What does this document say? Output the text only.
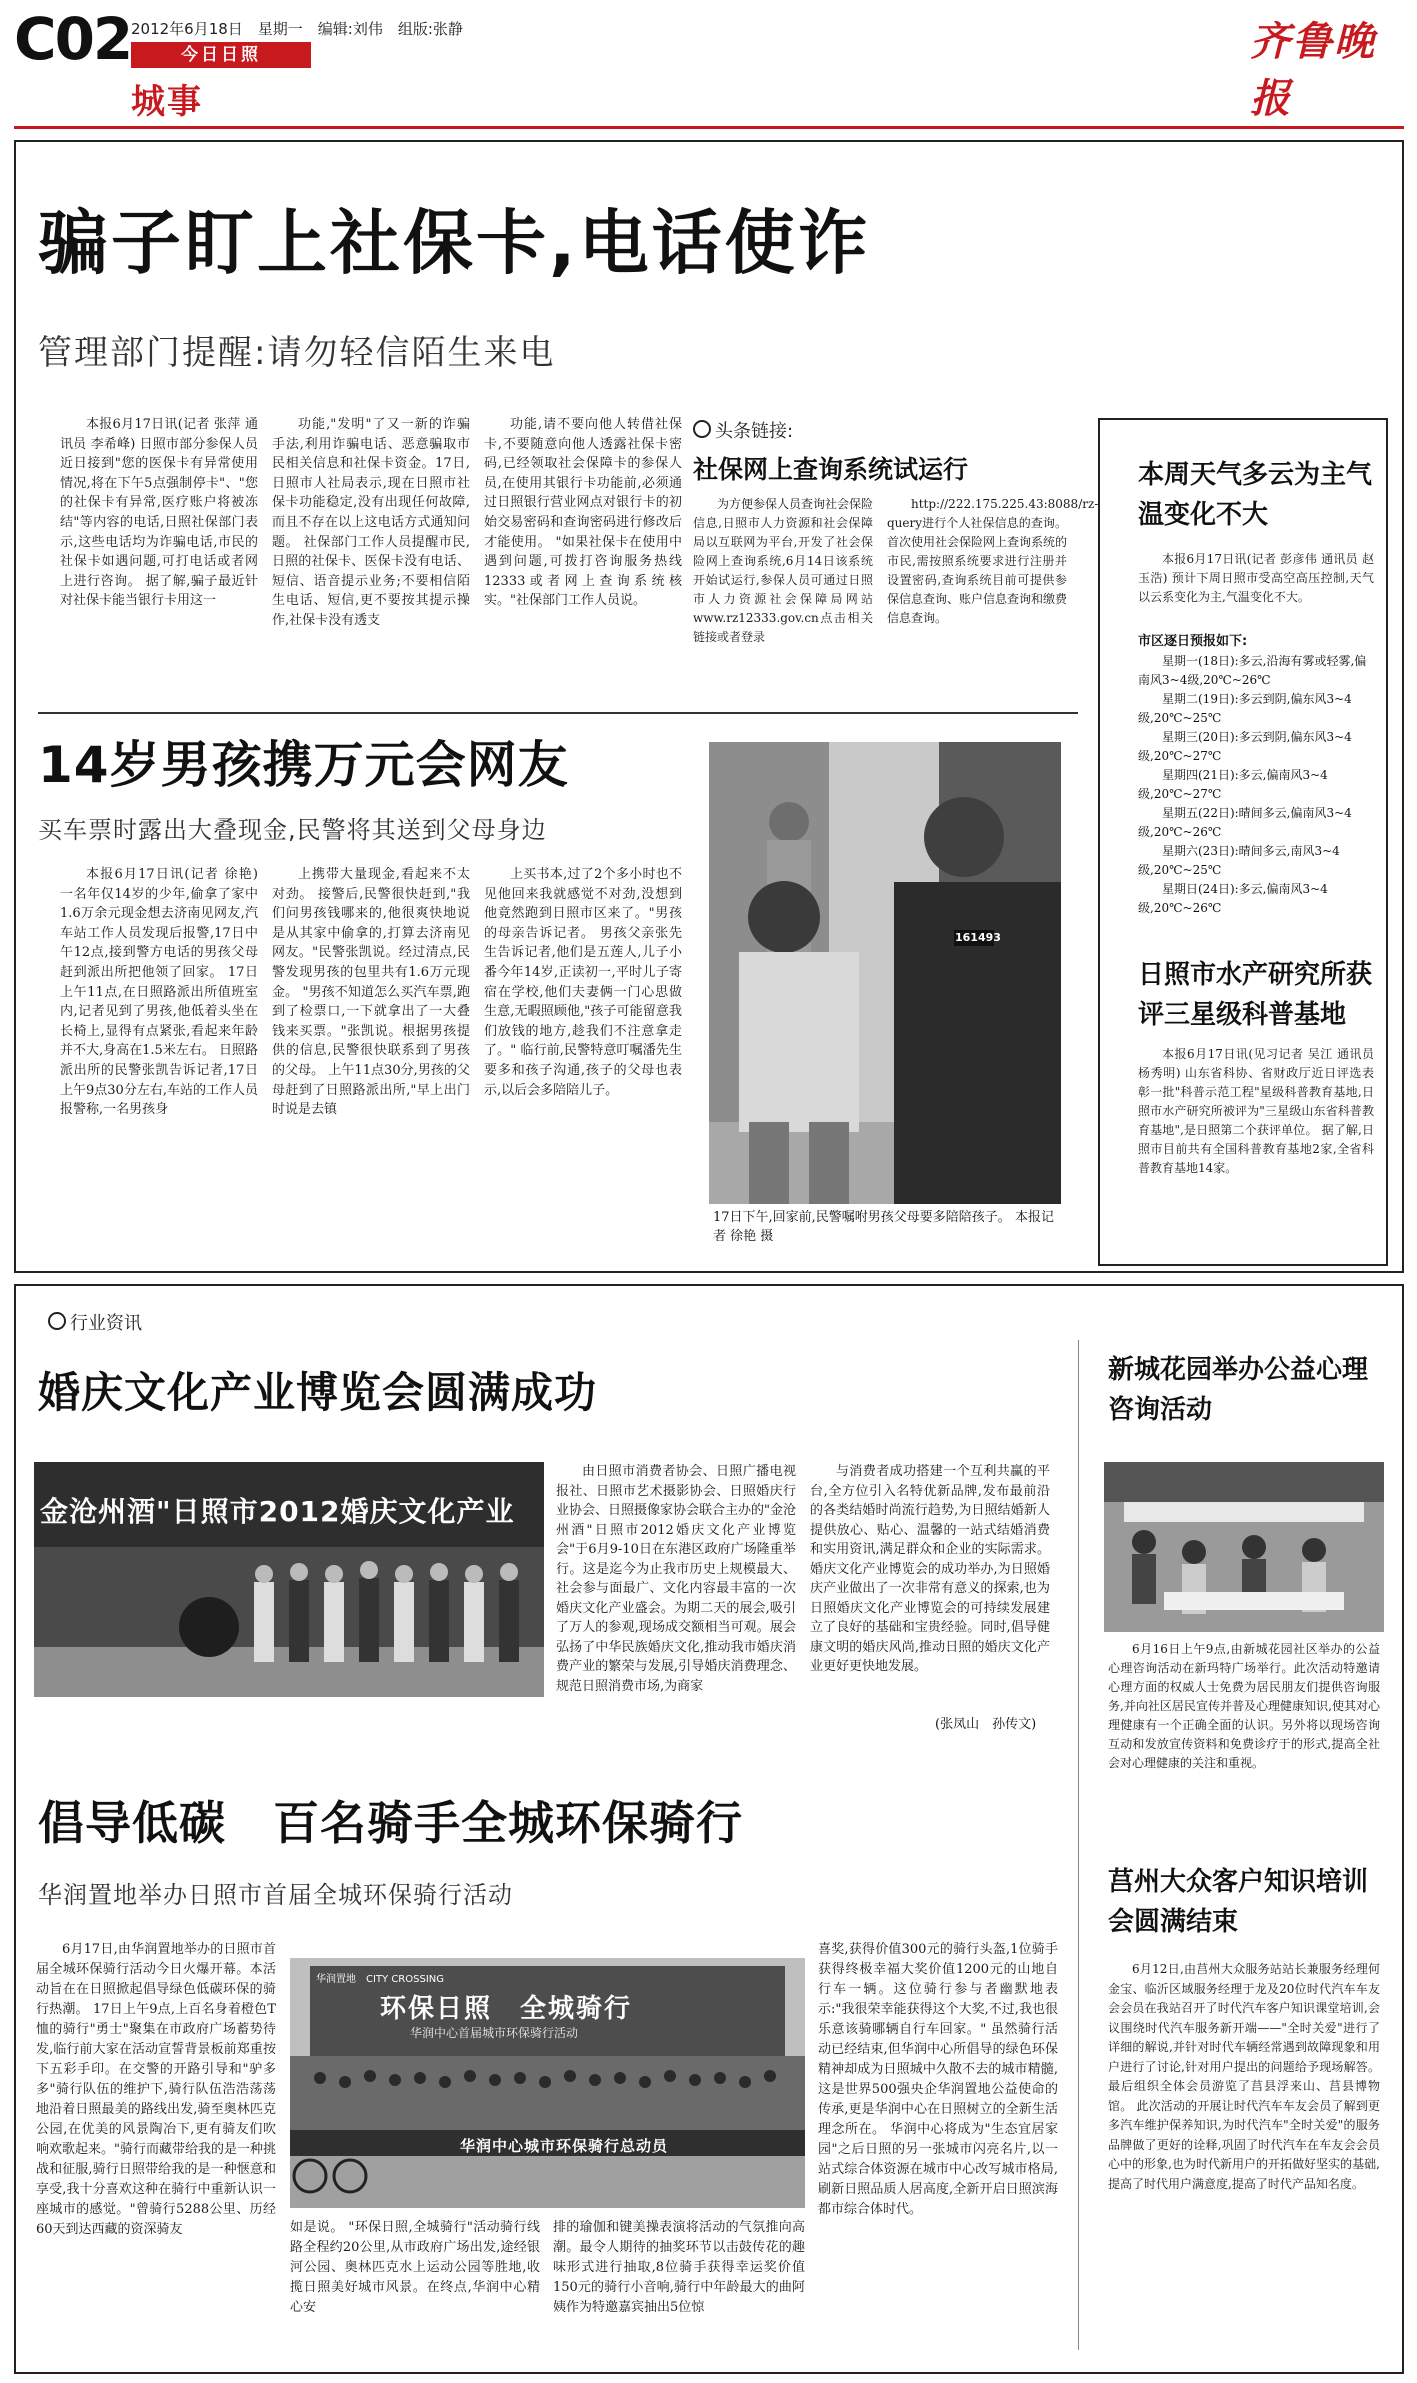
C02 2012年6月18日　星期一　编辑:刘伟　组版:张静
今日日照
城事
齐鲁晚报
骗子盯上社保卡,电话使诈
管理部门提醒:请勿轻信陌生来电

本报6月17日讯(记者 张萍 通讯员 李希峰) 日照市部分参保人员近日接到"您的医保卡有异常使用情况,将在下午5点强制停卡"、"您的社保卡有异常,医疗账户将被冻结"等内容的电话,日照社保部门表示,这些电话均为诈骗电话,市民的社保卡如遇问题,可打电话或者网上进行咨询。 据了解,骗子最近针对社保卡能当银行卡用这一

功能,"发明"了又一新的诈骗手法,利用诈骗电话、恶意骗取市民相关信息和社保卡资金。17日,日照市人社局表示,现在日照市社保卡功能稳定,没有出现任何故障,而且不存在以上这电话方式通知问题。 社保部门工作人员提醒市民,日照的社保卡、医保卡没有电话、短信、语音提示业务;不要相信陌生电话、短信,更不要按其提示操作,社保卡没有透支

功能,请不要向他人转借社保卡,不要随意向他人透露社保卡密码,已经领取社会保障卡的参保人员,在使用其银行卡功能前,必须通过日照银行营业网点对银行卡的初始交易密码和查询密码进行修改后才能使用。 "如果社保卡在使用中遇到问题,可拨打咨询服务热线12333或者网上查询系统核实。"社保部门工作人员说。

头条链接:
社保网上查询系统试运行

为方便参保人员查询社会保险信息,日照市人力资源和社会保障局以互联网为平台,开发了社会保险网上查询系统,6月14日该系统开始试运行,参保人员可通过日照市人力资源社会保障局网站www.rz12333.gov.cn点击相关链接或者登录

http://222.175.225.43:8088/rz-query进行个人社保信息的查询。 首次使用社会保险网上查询系统的市民,需按照系统要求进行注册并设置密码,查询系统目前可提供参保信息查询、账户信息查询和缴费信息查询。

14岁男孩携万元会网友
买车票时露出大叠现金,民警将其送到父母身边

本报6月17日讯(记者 徐艳) 一名年仅14岁的少年,偷拿了家中1.6万余元现金想去济南见网友,汽车站工作人员发现后报警,17日中午12点,接到警方电话的男孩父母赶到派出所把他领了回家。 17日上午11点,在日照路派出所值班室内,记者见到了男孩,他低着头坐在长椅上,显得有点紧张,看起来年龄并不大,身高在1.5米左右。 日照路派出所的民警张凯告诉记者,17日上午9点30分左右,车站的工作人员报警称,一名男孩身

上携带大量现金,看起来不太对劲。 接警后,民警很快赶到,"我们问男孩钱哪来的,他很爽快地说是从其家中偷拿的,打算去济南见网友。"民警张凯说。经过清点,民警发现男孩的包里共有1.6万元现金。 "男孩不知道怎么买汽车票,跑到了检票口,一下就拿出了一大叠钱来买票。"张凯说。根据男孩提供的信息,民警很快联系到了男孩的父母。 上午11点30分,男孩的父母赶到了日照路派出所,"早上出门时说是去镇

上买书本,过了2个多小时也不见他回来我就感觉不对劲,没想到他竟然跑到日照市区来了。"男孩的母亲告诉记者。 男孩父亲张先生告诉记者,他们是五莲人,儿子小番今年14岁,正读初一,平时儿子寄宿在学校,他们夫妻俩一门心思做生意,无暇照顾他,"孩子可能留意我们放钱的地方,趁我们不注意拿走了。" 临行前,民警特意叮嘱潘先生要多和孩子沟通,孩子的父母也表示,以后会多陪陪儿子。

161493
17日下午,回家前,民警嘱咐男孩父母要多陪陪孩子。 本报记者 徐艳 摄
本周天气多云为主气温变化不大

本报6月17日讯(记者 彭彦伟 通讯员 赵玉浩) 预计下周日照市受高空高压控制,天气以云系变化为主,气温变化不大。

市区逐日预报如下:
星期一(18日):多云,沿海有雾或轻雾,偏南风3~4级,20℃~26℃
星期二(19日):多云到阴,偏东风3~4级,20℃~25℃
星期三(20日):多云到阴,偏东风3~4级,20℃~27℃
星期四(21日):多云,偏南风3~4级,20℃~27℃
星期五(22日):晴间多云,偏南风3~4级,20℃~26℃
星期六(23日):晴间多云,南风3~4级,20℃~25℃
星期日(24日):多云,偏南风3~4级,20℃~26℃
日照市水产研究所获评三星级科普基地

本报6月17日讯(见习记者 吴江 通讯员 杨秀明) 山东省科协、省财政厅近日评选表彰一批"科普示范工程"星级科普教育基地,日照市水产研究所被评为"三星级山东省科普教育基地",是日照第二个获评单位。 据了解,日照市目前共有全国科普教育基地2家,全省科普教育基地14家。

行业资讯
婚庆文化产业博览会圆满成功
金沧州酒"日照市2012婚庆文化产业

由日照市消费者协会、日照广播电视报社、日照市艺术摄影协会、日照婚庆行业协会、日照摄像家协会联合主办的"金沧州酒"日照市2012婚庆文化产业博览会"于6月9-10日在东港区政府广场隆重举行。这是迄今为止我市历史上规模最大、社会参与面最广、文化内容最丰富的一次婚庆文化产业盛会。为期二天的展会,吸引了万人的参观,现场成交额相当可观。展会弘扬了中华民族婚庆文化,推动我市婚庆消费产业的繁荣与发展,引导婚庆消费理念、规范日照消费市场,为商家

与消费者成功搭建一个互利共赢的平台,全方位引入名特优新品牌,发布最前沿的各类结婚时尚流行趋势,为日照结婚新人提供放心、贴心、温馨的一站式结婚消费和实用资讯,满足群众和企业的实际需求。婚庆文化产业博览会的成功举办,为日照婚庆产业做出了一次非常有意义的探索,也为日照婚庆文化产业博览会的可持续发展建立了良好的基础和宝贵经验。同时,倡导健康文明的婚庆风尚,推动日照的婚庆文化产业更好更快地发展。

(张凤山　孙传文)
新城花园举办公益心理咨询活动

6月16日上午9点,由新城花园社区举办的公益心理咨询活动在新玛特广场举行。此次活动特邀请心理方面的权威人士免费为居民朋友们提供咨询服务,并向社区居民宣传并普及心理健康知识,使其对心理健康有一个正确全面的认识。另外将以现场咨询互动和发放宣传资料和免费诊疗于的形式,提高全社会对心理健康的关注和重视。

莒州大众客户知识培训会圆满结束

6月12日,由莒州大众服务站站长兼服务经理何金宝、临沂区域服务经理于龙及20位时代汽车车友会会员在我站召开了时代汽车客户知识课堂培训,会议围绕时代汽车服务新开端——"全时关爱"进行了详细的解说,并针对时代车辆经常遇到故障现象和用户进行了讨论,针对用户提出的问题给予现场解答。最后组织全体会员游览了莒县浮来山、莒县博物馆。 此次活动的开展让时代汽车车友会员了解到更多汽车维护保养知识,为时代汽车"全时关爱"的服务品牌做了更好的诠释,巩固了时代汽车在车友会会员心中的形象,也为时代新用户的开拓做好坚实的基础,提高了时代用户满意度,提高了时代产品知名度。

倡导低碳　百名骑手全城环保骑行
华润置地举办日照市首届全城环保骑行活动

6月17日,由华润置地举办的日照市首届全城环保骑行活动今日火爆开幕。本活动旨在在日照掀起倡导绿色低碳环保的骑行热潮。 17日上午9点,上百名身着橙色T恤的骑行"勇士"聚集在市政府广场蓄势待发,临行前大家在活动宣誓背景板前郑重按下五彩手印。在交警的开路引导和"驴多多"骑行队伍的维护下,骑行队伍浩浩荡荡地沿着日照最美的路线出发,骑至奥林匹克公园,在优美的风景陶冶下,更有骑友们吹响欢歌起来。"骑行而藏带给我的是一种挑战和征服,骑行日照带给我的是一种惬意和享受,我十分喜欢这种在骑行中重新认识一座城市的感觉。"曾骑行5288公里、历经60天到达西藏的资深骑友

华润置地　CITY CROSSING
环保日照　全城骑行
华润中心首届城市环保骑行活动
华润中心城市环保骑行总动员

如是说。 "环保日照,全城骑行"活动骑行线路全程约20公里,从市政府广场出发,途经银河公园、奥林匹克水上运动公园等胜地,收揽日照美好城市风景。在终点,华润中心精心安

排的瑜伽和键美操表演将活动的气氛推向高潮。最令人期待的抽奖环节以击鼓传花的趣味形式进行抽取,8位骑手获得幸运奖价值150元的骑行小音响,骑行中年龄最大的曲阿姨作为特邀嘉宾抽出5位惊

喜奖,获得价值300元的骑行头盔,1位骑手获得终极幸福大奖价值1200元的山地自行车一辆。这位骑行参与者幽默地表示:"我很荣幸能获得这个大奖,不过,我也很乐意该骑哪辆自行车回家。" 虽然骑行活动已经结束,但华润中心所倡导的绿色环保精神却成为日照城中久散不去的城市精髓,这是世界500强央企华润置地公益使命的传承,更是华润中心在日照树立的全新生活理念所在。 华润中心将成为"生态宜居家园"之后日照的另一张城市闪亮名片,以一站式综合体资源在城市中心改写城市格局,刷新日照品质人居高度,全新开启日照滨海都市综合体时代。
